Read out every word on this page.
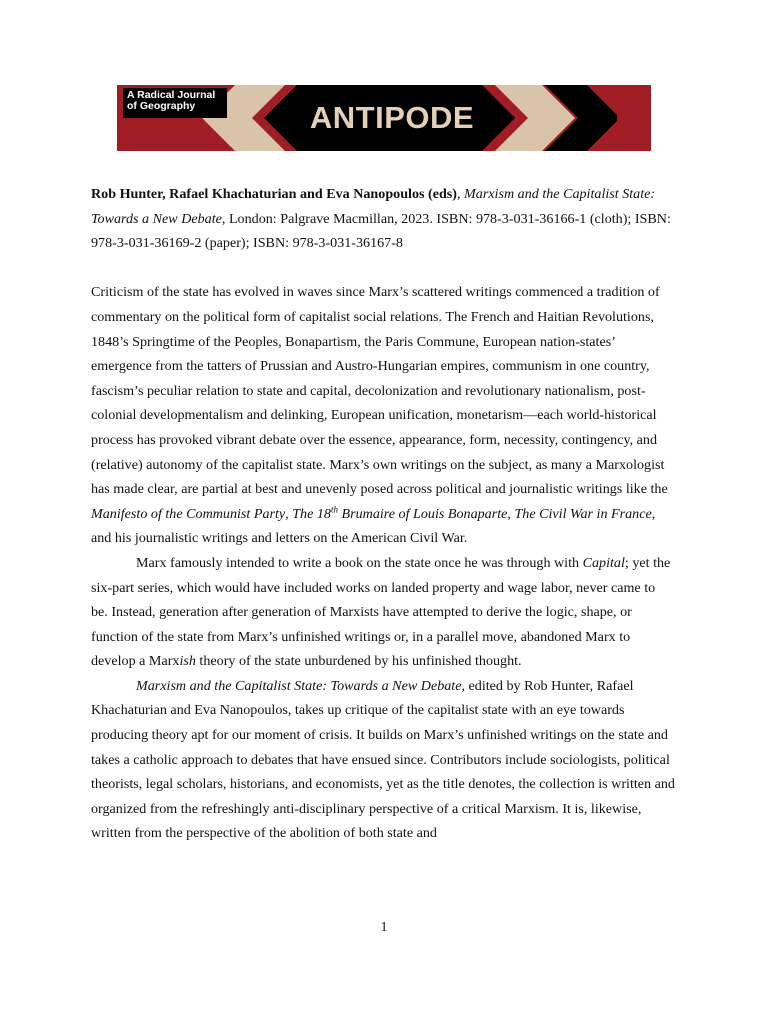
A Radical Journal of Geography	ANTIPODE

Rob Hunter, Rafael Khachaturian and Eva Nanopoulos (eds), Marxism and the Capitalist State: Towards a New Debate, London: Palgrave Macmillan, 2023. ISBN: 978-3-031-36166-1 (cloth); ISBN: 978-3-031-36169-2 (paper); ISBN: 978-3-031-36167-8

Criticism of the state has evolved in waves since Marx’s scattered writings commenced a tradition of commentary on the political form of capitalist social relations. The French and Haitian Revolutions, 1848’s Springtime of the Peoples, Bonapartism, the Paris Commune, European nation-states’ emergence from the tatters of Prussian and Austro-Hungarian empires, communism in one country, fascism’s peculiar relation to state and capital, decolonization and revolutionary nationalism, post-colonial developmentalism and delinking, European unification, monetarism—each world-historical process has provoked vibrant debate over the essence, appearance, form, necessity, contingency, and (relative) autonomy of the capitalist state. Marx’s own writings on the subject, as many a Marxologist has made clear, are partial at best and unevenly posed across political and journalistic writings like the Manifesto of the Communist Party, The 18th Brumaire of Louis Bonaparte, The Civil War in France, and his journalistic writings and letters on the American Civil War.

Marx famously intended to write a book on the state once he was through with Capital; yet the six-part series, which would have included works on landed property and wage labor, never came to be. Instead, generation after generation of Marxists have attempted to derive the logic, shape, or function of the state from Marx’s unfinished writings or, in a parallel move, abandoned Marx to develop a Marxish theory of the state unburdened by his unfinished thought.

Marxism and the Capitalist State: Towards a New Debate, edited by Rob Hunter, Rafael Khachaturian and Eva Nanopoulos, takes up critique of the capitalist state with an eye towards producing theory apt for our moment of crisis. It builds on Marx’s unfinished writings on the state and takes a catholic approach to debates that have ensued since. Contributors include sociologists, political theorists, legal scholars, historians, and economists, yet as the title denotes, the collection is written and organized from the refreshingly anti-disciplinary perspective of a critical Marxism. It is, likewise, written from the perspective of the abolition of both state and

1
